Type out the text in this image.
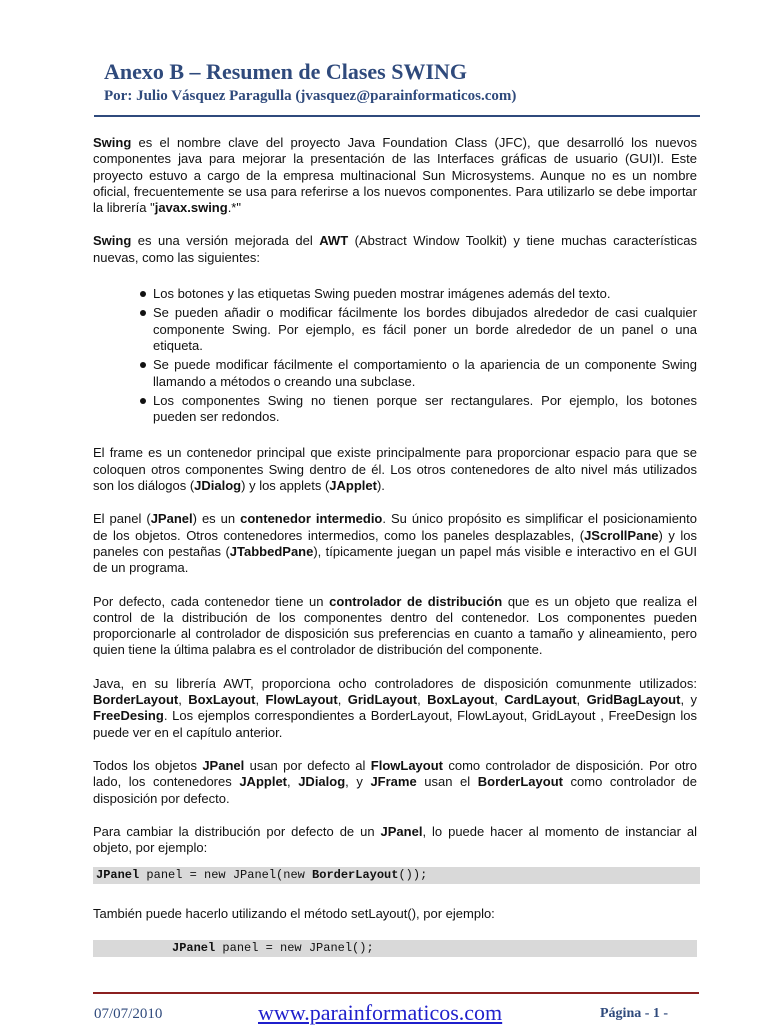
Anexo B – Resumen de Clases SWING
Por: Julio Vásquez Paragulla (jvasquez@parainformaticos.com)

Swing es el nombre clave del proyecto Java Foundation Class (JFC), que desarrolló los nuevos componentes java para mejorar la presentación de las Interfaces gráficas de usuario (GUI)I. Este proyecto estuvo a cargo de la empresa multinacional Sun Microsystems. Aunque no es un nombre oficial, frecuentemente se usa para referirse a los nuevos componentes. Para utilizarlo se debe importar la librería "javax.swing.*"

Swing es una versión mejorada del AWT (Abstract Window Toolkit) y tiene muchas características nuevas, como las siguientes:

Los botones y las etiquetas Swing pueden mostrar imágenes además del texto.
Se pueden añadir o modificar fácilmente los bordes dibujados alrededor de casi cualquier componente Swing. Por ejemplo, es fácil poner un borde alrededor de un panel o una etiqueta.
Se puede modificar fácilmente el comportamiento o la apariencia de un componente Swing llamando a métodos o creando una subclase.
Los componentes Swing no tienen porque ser rectangulares. Por ejemplo, los botones pueden ser redondos.

El frame es un contenedor principal que existe principalmente para proporcionar espacio para que se coloquen otros componentes Swing dentro de él. Los otros contenedores de alto nivel más utilizados son los diálogos (JDialog) y los applets (JApplet).

El panel (JPanel) es un contenedor intermedio. Su único propósito es simplificar el posicionamiento de los objetos. Otros contenedores intermedios, como los paneles desplazables, (JScrollPane) y los paneles con pestañas (JTabbedPane), típicamente juegan un papel más visible e interactivo en el GUI de un programa.

Por defecto, cada contenedor tiene un controlador de distribución que es un objeto que realiza el control de la distribución de los componentes dentro del contenedor. Los componentes pueden proporcionarle al controlador de disposición sus preferencias en cuanto a tamaño y alineamiento, pero quien tiene la última palabra es el controlador de distribución del componente.

Java, en su librería AWT, proporciona ocho controladores de disposición comunmente utilizados: BorderLayout, BoxLayout, FlowLayout, GridLayout, BoxLayout, CardLayout, GridBagLayout, y FreeDesing. Los ejemplos correspondientes a BorderLayout, FlowLayout, GridLayout , FreeDesign los puede ver en el capítulo anterior.

Todos los objetos JPanel usan por defecto al FlowLayout como controlador de disposición. Por otro lado, los contenedores JApplet, JDialog, y JFrame usan el BorderLayout como controlador de disposición por defecto.

Para cambiar la distribución por defecto de un JPanel, lo puede hacer al momento de instanciar al objeto, por ejemplo:

JPanel panel = new JPanel(new BorderLayout());

También puede hacerlo utilizando el método setLayout(), por ejemplo:

JPanel panel = new JPanel();
07/07/2010	www.parainformaticos.com	Página - 1 -
